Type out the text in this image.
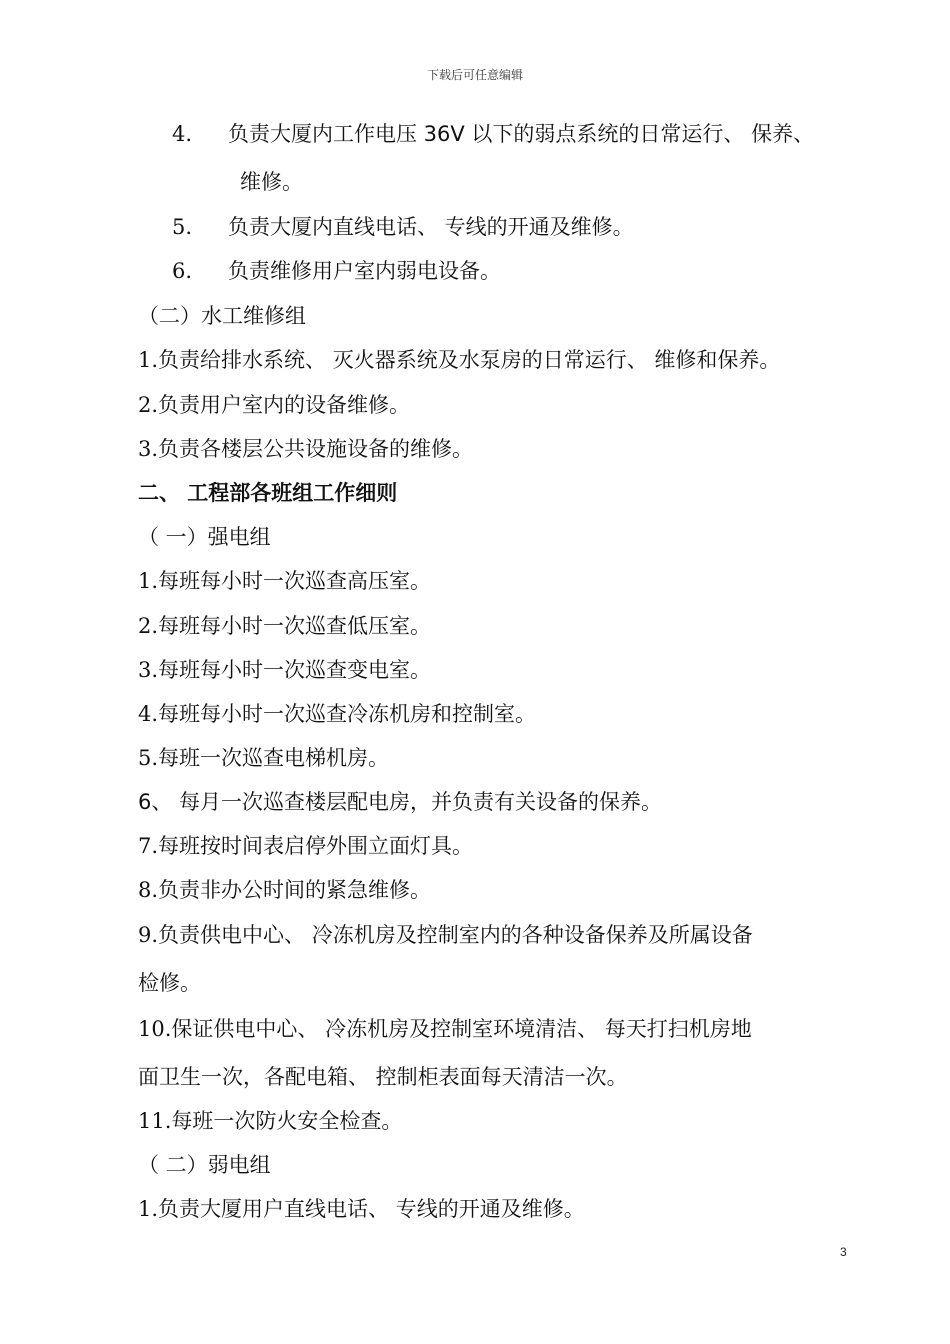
下载后可任意编辑
4. 负责大厦内工作电压 36V 以下的弱点系统的日常运行、 保养、
维修。
5. 负责大厦内直线电话、 专线的开通及维修。
6. 负责维修用户室内弱电设备。
（二）水工维修组
1.负责给排水系统、 灭火器系统及水泵房的日常运行、 维修和保养。
2.负责用户室内的设备维修。
3.负责各楼层公共设施设备的维修。
二、 工程部各班组工作细则
（ 一）强电组
1.每班每小时一次巡查高压室。
2.每班每小时一次巡查低压室。
3.每班每小时一次巡查变电室。
4.每班每小时一次巡查冷冻机房和控制室。
5.每班一次巡查电梯机房。
6、 每月一次巡查楼层配电房，并负责有关设备的保养。
7.每班按时间表启停外围立面灯具。
8.负责非办公时间的紧急维修。
9.负责供电中心、 冷冻机房及控制室内的各种设备保养及所属设备
检修。
10.保证供电中心、 冷冻机房及控制室环境清洁、 每天打扫机房地
面卫生一次，各配电箱、 控制柜表面每天清洁一次。
11.每班一次防火安全检查。
（ 二）弱电组
1.负责大厦用户直线电话、 专线的开通及维修。
3
